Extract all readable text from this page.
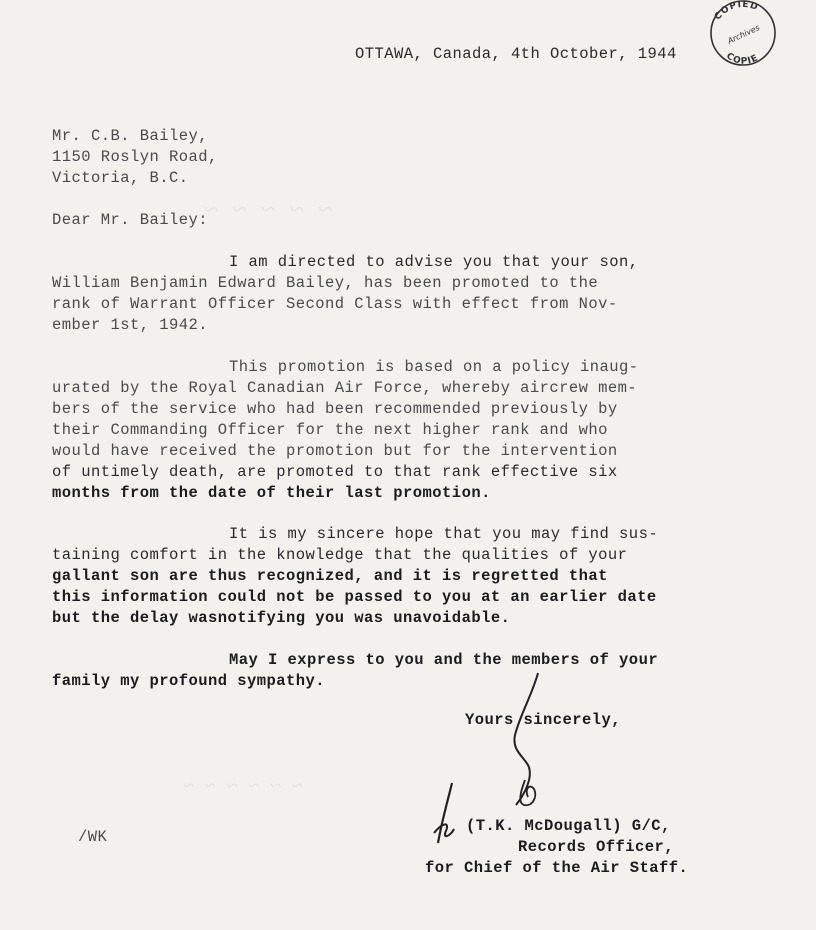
~ ~ ~ ~ ~
~ ~ ~ ~ ~ ~
COPIED
Archives
COPIE
OTTAWA, Canada, 4th October, 1944
Mr. C.B. Bailey,
1150 Roslyn Road,
Victoria, B.C.
Dear Mr. Bailey:
I am directed to advise you that your son,
William Benjamin Edward Bailey, has been promoted to the
rank of Warrant Officer Second Class with effect from Nov-
ember 1st, 1942.
This promotion is based on a policy inaug-
urated by the Royal Canadian Air Force, whereby aircrew mem-
bers of the service who had been recommended previously by
their Commanding Officer for the next higher rank and who
would have received the promotion but for the intervention
of untimely death, are promoted to that rank effective six
months from the date of their last promotion.
It is my sincere hope that you may find sus-
taining comfort in the knowledge that the qualities of your
gallant son are thus recognized, and it is regretted that
this information could not be passed to you at an earlier date
but the delay wasnotifying you was unavoidable.
May I express to you and the members of your
family my profound sympathy.
Yours sincerely,
(T.K. McDougall) G/C,
Records Officer,
for Chief of the Air Staff.
/WK
